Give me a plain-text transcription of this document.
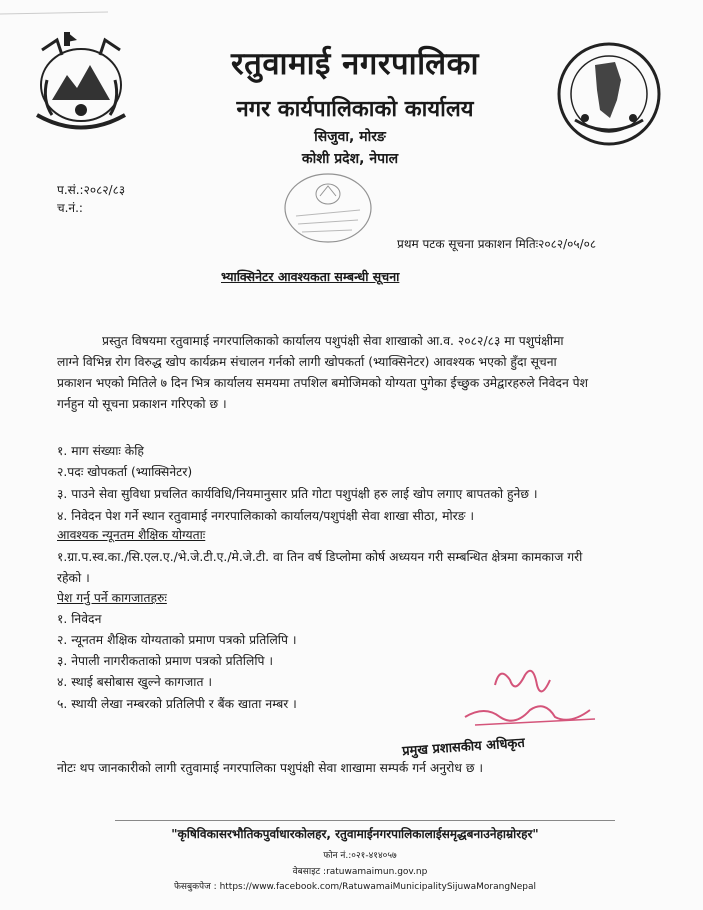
रतुवामाई नगरपालिका
नगर कार्यपालिकाको कार्यालय
सिजुवा, मोरङ
कोशी प्रदेश, नेपाल
प.सं.:२०८२/८३
च.नं.:
प्रथम पटक सूचना प्रकाशन मितिः२०८२/०५/०८
भ्याक्सिनेटर आवश्यकता सम्बन्धी सूचना
प्रस्तुत विषयमा रतुवामाई नगरपालिकाको कार्यालय पशुपंक्षी सेवा शाखाको आ.व. २०८२/८३ मा पशुपंक्षीमा
लाग्ने विभिन्न रोग विरुद्ध खोप कार्यक्रम संचालन गर्नको लागी खोपकर्ता (भ्याक्सिनेटर) आवश्यक भएको हुँदा सूचना
प्रकाशन भएको मितिले ७ दिन भित्र कार्यालय समयमा तपशिल बमोजिमको योग्यता पुगेका ईच्छुक उमेद्वारहरुले निवेदन पेश
गर्नहुन यो सूचना प्रकाशन गरिएको छ ।
१. माग संख्याः केहि
२.पदः खोपकर्ता (भ्याक्सिनेटर)
३. पाउने सेवा सुविधा प्रचलित कार्यविधि/नियमानुसार प्रति गोटा पशुपंक्षी हरु लाई खोप लगाए बापतको हुनेछ ।
४. निवेदन पेश गर्ने स्थान रतुवामाई नगरपालिकाको कार्यालय/पशुपंक्षी सेवा शाखा सीठा, मोरङ ।
आवश्यक न्यूनतम शैक्षिक योग्यताः
१.ग्रा.प.स्व.का./सि.एल.ए./भे.जे.टी.ए./मे.जे.टी. वा तिन वर्ष डिप्लोमा कोर्ष अध्ययन गरी सम्बन्धित क्षेत्रमा कामकाज गरी
रहेको ।
पेश गर्नु पर्ने कागजातहरुः
१. निवेदन
२. न्यूनतम शैक्षिक योग्यताको प्रमाण पत्रको प्रतिलिपि ।
३. नेपाली नागरीकताको प्रमाण पत्रको प्रतिलिपि ।
४. स्थाई बसोबास खुल्ने कागजात ।
५. स्थायी लेखा नम्बरको प्रतिलिपी र बैंक खाता नम्बर ।
प्रमुख प्रशासकीय अधिकृत
नोटः थप जानकारीको लागी रतुवामाई नगरपालिका पशुपंक्षी सेवा शाखामा सम्पर्क गर्न अनुरोध छ ।
"कृषिविकासरभौतिकपुर्वाधारकोलहर, रतुवामाईनगरपालिकालाईसमृद्धबनाउनेहाम्रोरहर"
फोन नं.:०२१-४१४०५७
वेबसाइट :ratuwamaimun.gov.np
फेसबुकपेज : https://www.facebook.com/RatuwamaiMunicipalitySijuwaMorangNepal
